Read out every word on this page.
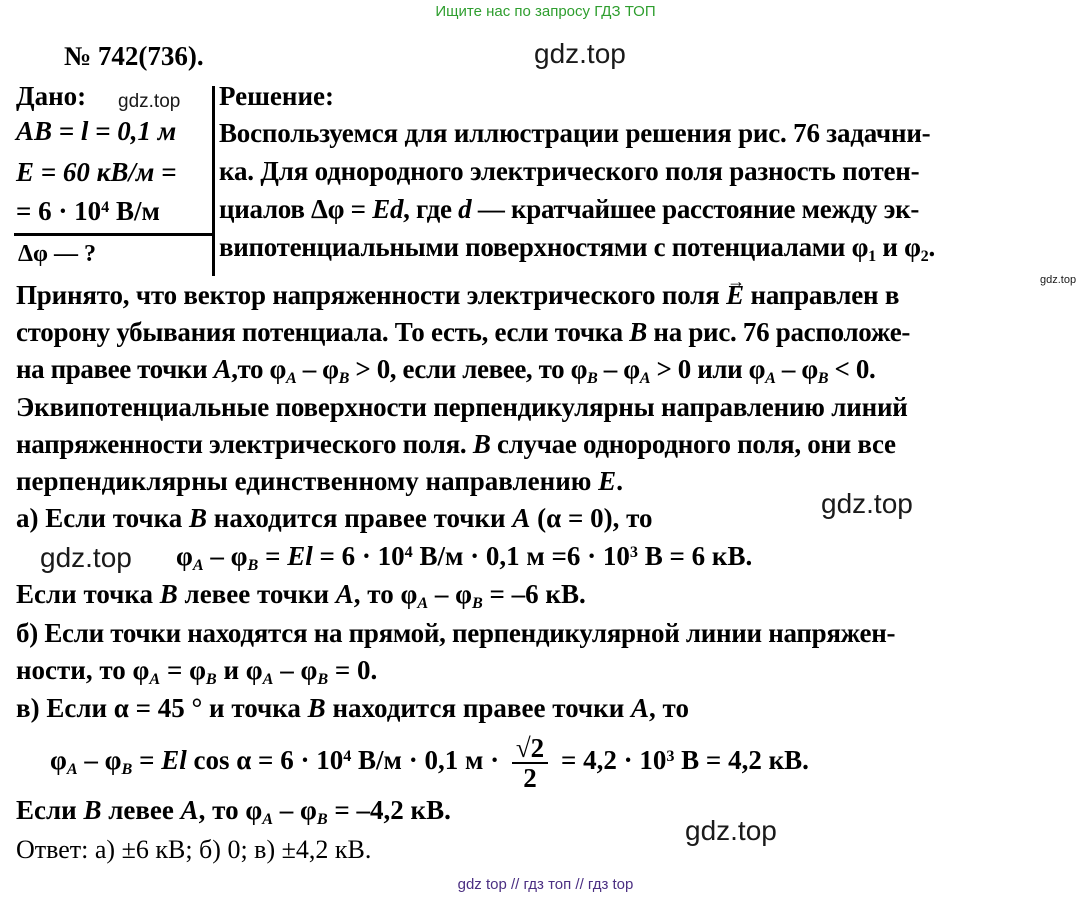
Ищите нас по запросу ГДЗ ТОП
gdz.top
gdz.top
gdz.top
gdz.top
gdz.top
gdz.top
№ 742(736).
Дано:
AB = l = 0,1 м
E = 60 кВ/м =
= $6 \cdot 10^4$ В/м
Δφ — ?
Решение:
Воспользуемся для иллюстрации решения рис. 76 задачни-
ка. Для однородного электрического поля разность потен-
циалов Δφ = Ed, где d — кратчайшее расстояние между эк-
випотенциальными поверхностями с потенциалами $\varphi_1$ и $\varphi_2$.
Принято, что вектор напряженности электрического поля → E направлен в
сторону убывания потенциала. То есть, если точка B на рис. 76 расположе-
на правее точки A,то $\varphi_A - \varphi_B > 0$, если левее, то $\varphi_B - \varphi_A > 0$ или $\varphi_A - \varphi_B < 0$.
Эквипотенциальные поверхности перпендикулярны направлению линий
напряженности электрического поля. B случае однородного поля, они все
перпендиклярны единственному направлению E.
а) Если точка B находится правее точки A (α = 0), то
$\varphi_A - \varphi_B = El = 6 \cdot 10^4$ В/м · 0,1 $м =6 \cdot 10^3$ В = 6 кВ.
Если точка B левее точки A, то $\varphi_A - \varphi_B = -6$ кВ.
б) Если точки находятся на прямой, перпендикулярной линии напряжен-
ности, то $\varphi_A = \varphi_B$ и $\varphi_A - \varphi_B = 0$.
в) Если α = 45 ° и точка B находится правее точки A, то
$\varphi_A - \varphi_B = El$ $\cos \alpha = 6 \cdot 10^4$ В/м · 0,1 $м \cdot \frac{√2}{2} = 4,2 \cdot 10^3$ В = 4,2 кВ.
Если B левее A, то $\varphi_A - \varphi_B = -4,2$ кВ.
Ответ: а) ±6 кВ; б) 0; в) ±4,2 кВ.
gdz top // гдз топ // гдз top
